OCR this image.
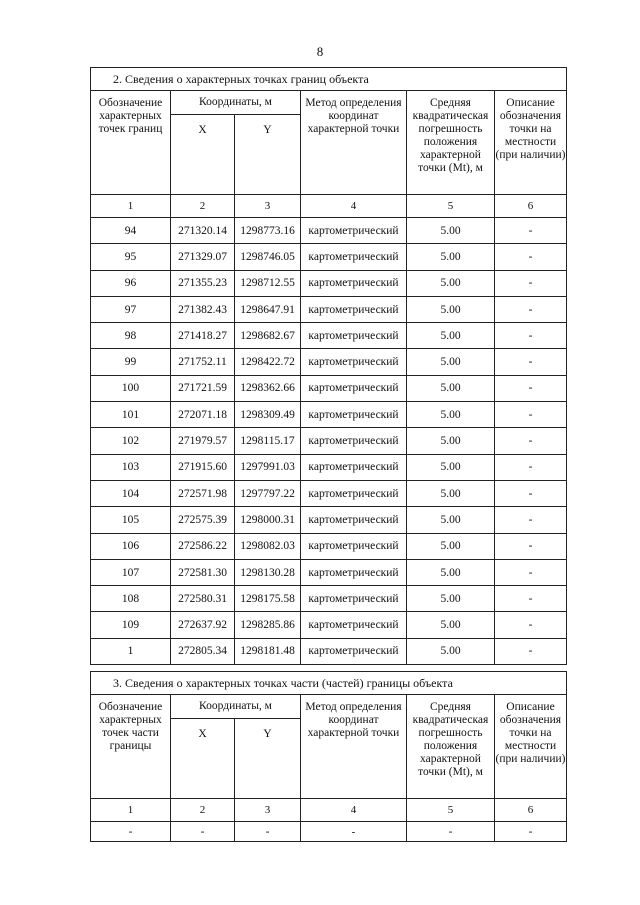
8
2. Сведения о характерных точках границ объекта					
Обозначение характерных точек границ	Координаты, м		Метод определения координат характерной точки	Средняя квадратическая погрешность положения характерной точки (Mt), м	Описание обозначения точки на местности (при наличии)
	X	Y			
1	2	3	4	5	6
94	271320.14	1298773.16	картометрический	5.00	-
95	271329.07	1298746.05	картометрический	5.00	-
96	271355.23	1298712.55	картометрический	5.00	-
97	271382.43	1298647.91	картометрический	5.00	-
98	271418.27	1298682.67	картометрический	5.00	-
99	271752.11	1298422.72	картометрический	5.00	-
100	271721.59	1298362.66	картометрический	5.00	-
101	272071.18	1298309.49	картометрический	5.00	-
102	271979.57	1298115.17	картометрический	5.00	-
103	271915.60	1297991.03	картометрический	5.00	-
104	272571.98	1297797.22	картометрический	5.00	-
105	272575.39	1298000.31	картометрический	5.00	-
106	272586.22	1298082.03	картометрический	5.00	-
107	272581.30	1298130.28	картометрический	5.00	-
108	272580.31	1298175.58	картометрический	5.00	-
109	272637.92	1298285.86	картометрический	5.00	-
1	272805.34	1298181.48	картометрический	5.00	-
3. Сведения о характерных точках части (частей) границы объекта					
Обозначение характерных точек части границы	Координаты, м		Метод определения координат характерной точки	Средняя квадратическая погрешность положения характерной точки (Mt), м	Описание обозначения точки на местности (при наличии)
	X	Y			
1	2	3	4	5	6
-	-	-	-	-	-
